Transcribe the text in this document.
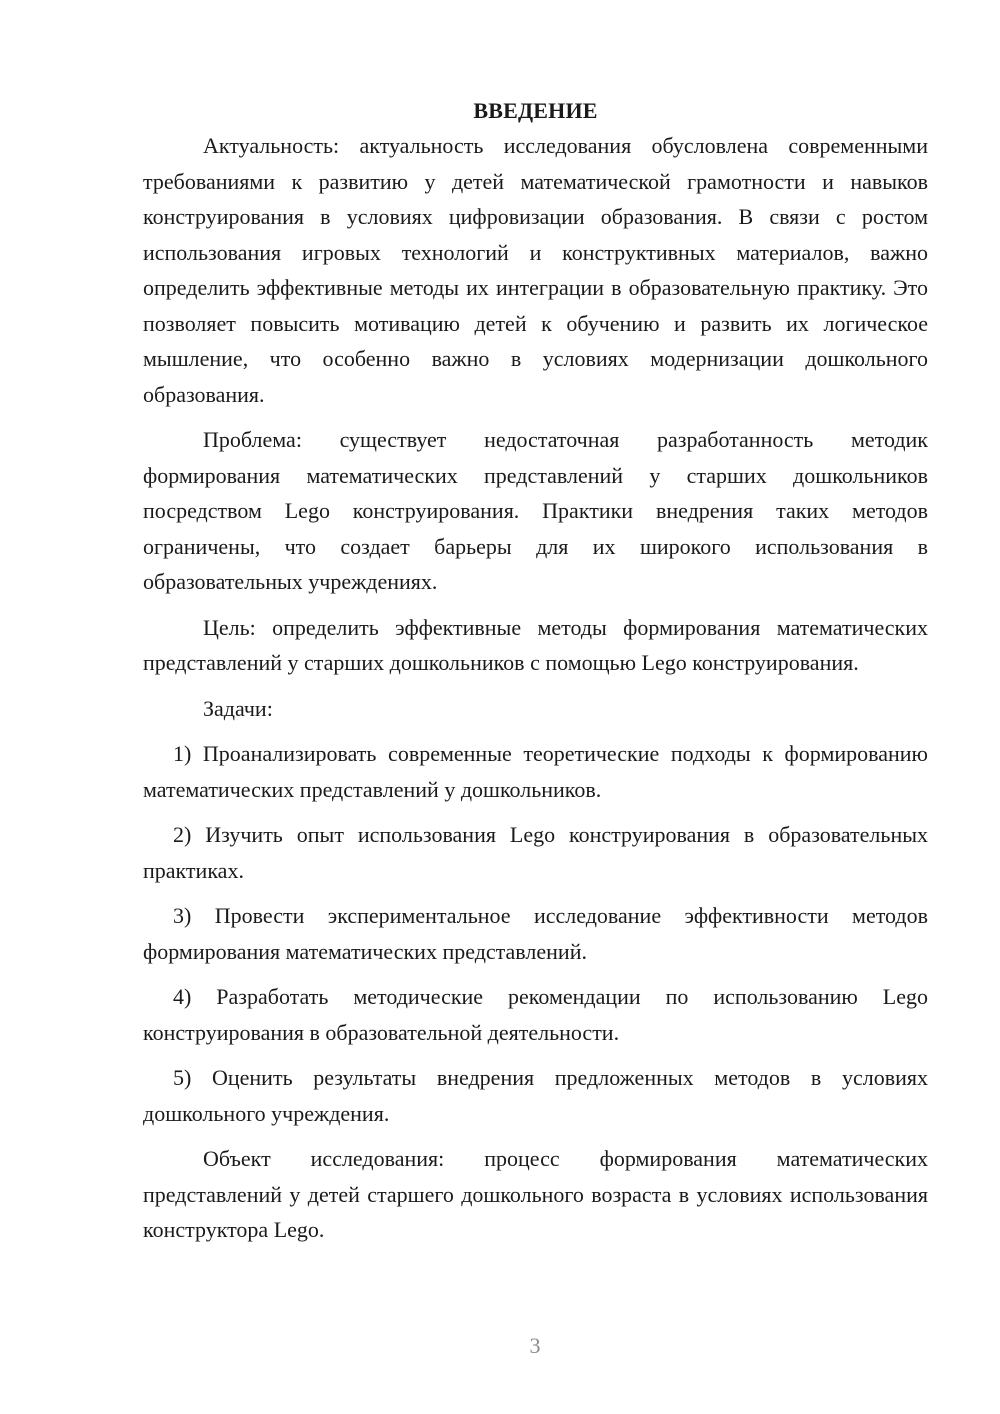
ВВЕДЕНИЕ

Актуальность: актуальность исследования обусловлена современными требованиями к развитию у детей математической грамотности и навыков конструирования в условиях цифровизации образования. В связи с ростом использования игровых технологий и конструктивных материалов, важно определить эффективные методы их интеграции в образовательную практику. Это позволяет повысить мотивацию детей к обучению и развить их логическое мышление, что особенно важно в условиях модернизации дошкольного образования.

Проблема: существует недостаточная разработанность методик формирования математических представлений у старших дошкольников посредством Lego конструирования. Практики внедрения таких методов ограничены, что создает барьеры для их широкого использования в образовательных учреждениях.

Цель: определить эффективные методы формирования математических представлений у старших дошкольников с помощью Lego конструирования.

Задачи:

1) Проанализировать современные теоретические подходы к формированию математических представлений у дошкольников.

2) Изучить опыт использования Lego конструирования в образовательных практиках.

3) Провести экспериментальное исследование эффективности методов формирования математических представлений.

4) Разработать методические рекомендации по использованию Lego конструирования в образовательной деятельности.

5) Оценить результаты внедрения предложенных методов в условиях дошкольного учреждения.

Объект исследования: процесс формирования математических представлений у детей старшего дошкольного возраста в условиях использования конструктора Lego.

3
